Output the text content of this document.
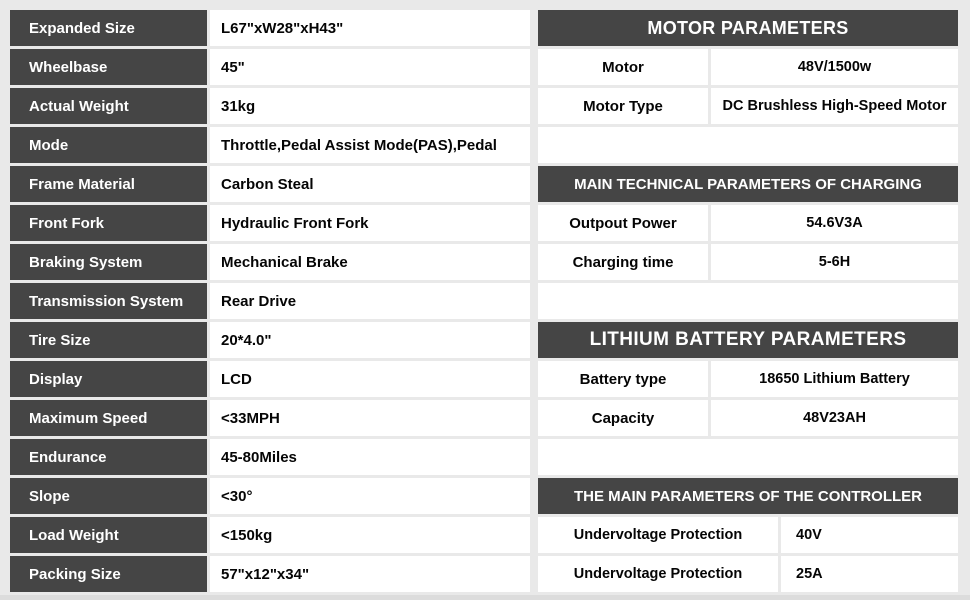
Expanded Size	L67"xW28"xH43"
Wheelbase	45"
Actual Weight	31kg
Mode	Throttle,Pedal Assist Mode(PAS),Pedal
Frame Material	Carbon Steal
Front Fork	Hydraulic Front Fork
Braking System	Mechanical Brake
Transmission System	Rear Drive
Tire Size	20*4.0"
Display	LCD
Maximum Speed	<33MPH
Endurance	45-80Miles
Slope	<30°
Load Weight	<150kg
Packing Size	57"x12"x34"
MOTOR PARAMETERS
Motor	48V/1500w
Motor Type	DC Brushless High-Speed Motor
MAIN TECHNICAL PARAMETERS OF CHARGING
Outpout Power	54.6V3A
Charging time	5-6H
LITHIUM BATTERY PARAMETERS
Battery type	18650 Lithium Battery
Capacity	48V23AH
THE MAIN PARAMETERS OF THE CONTROLLER
Undervoltage Protection	40V
Undervoltage Protection	25A
